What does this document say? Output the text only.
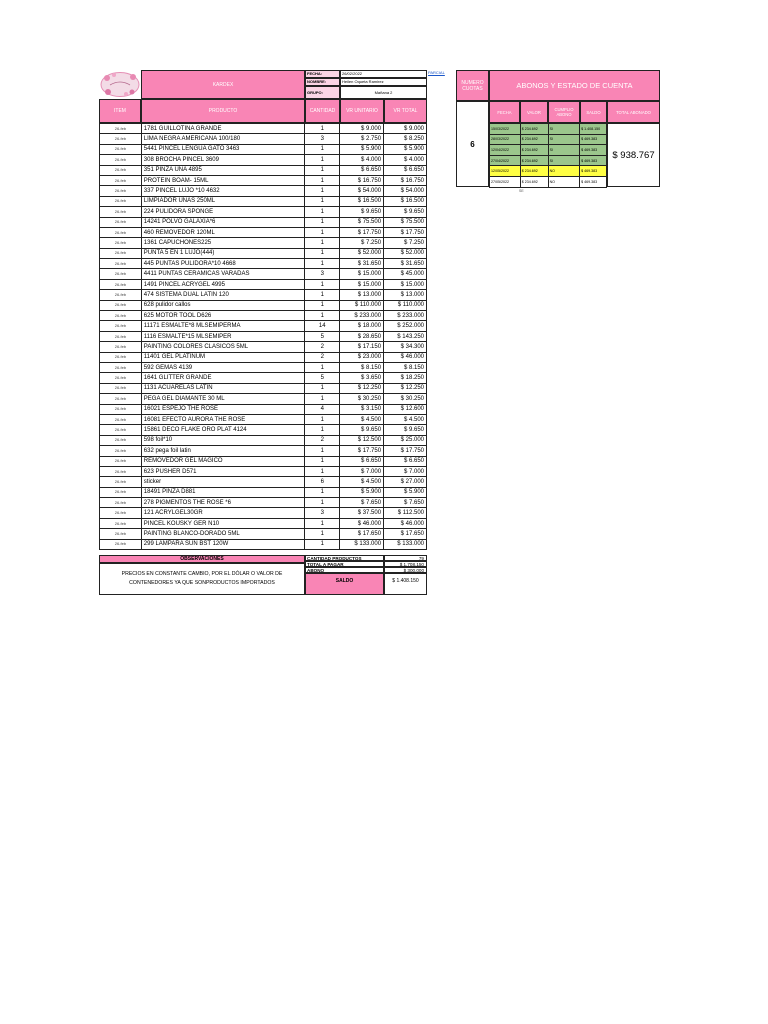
KARDEX
FECHA:	26/02/2022
NOMBRE:	Heilen Oqueta Ramirez
GRUPO:	Mañana 2
PARCIAL
ITEM	PRODUCTO	CANTIDAD	VR UNITARIO	VR TOTAL
26-feb	1781 GUILLOTINA GRANDE	1	$ 9.000	$ 9.000
26-feb	LIMA NEGRA AMERICANA 100/180	3	$ 2.750	$ 8.250
26-feb	5441 PINCEL LENGUA GATO 3463	1	$ 5.900	$ 5.900
26-feb	308 BROCHA PINCEL 3609	1	$ 4.000	$ 4.000
26-feb	351 PINZA UÑA 4895	1	$ 6.650	$ 6.650
26-feb	PROTEIN BOAM- 15ML	1	$ 16.750	$ 16.750
26-feb	337 PINCEL LUJO *10 4632	1	$ 54.000	$ 54.000
26-feb	LIMPIADOR UÑAS 250ML	1	$ 16.500	$ 16.500
26-feb	224 PULIDORA SPONGE	1	$ 9.650	$ 9.650
26-feb	14241 POLVO GALAXIA*6	1	$ 75.500	$ 75.500
26-feb	460 REMOVEDOR 120ML	1	$ 17.750	$ 17.750
26-feb	1361 CAPUCHONES225	1	$ 7.250	$ 7.250
26-feb	PUNTA 5 EN 1 LUJO(444)	1	$ 52.000	$ 52.000
26-feb	445 PUNTAS PULIDORA*10 4668	1	$ 31.650	$ 31.650
26-feb	4411 PUNTAS CERAMICAS VARADAS	3	$ 15.000	$ 45.000
26-feb	1491 PINCEL ACRYGEL 4995	1	$ 15.000	$ 15.000
26-feb	474 SISTEMA DUAL LATIN 120	1	$ 13.000	$ 13.000
26-feb	628 pulidor callos	1	$ 110.000	$ 110.000
26-feb	625 MOTOR TOOL D626	1	$ 233.000	$ 233.000
26-feb	11171 ESMALTE*8 MLSEMIPERMA	14	$ 18.000	$ 252.000
26-feb	1116 ESMALTE*15 MLSEMIPER	5	$ 28.650	$ 143.250
26-feb	PAINTING COLORES CLASICOS 5ML	2	$ 17.150	$ 34.300
26-feb	11401 GEL PLATINUM	2	$ 23.000	$ 46.000
26-feb	592 GEMAS 4139	1	$ 8.150	$ 8.150
26-feb	1641 GLITTER GRANDE	5	$ 3.650	$ 18.250
26-feb	1131 ACUARELAS LATIN	1	$ 12.250	$ 12.250
26-feb	PEGA GEL DIAMANTE 30 ML	1	$ 30.250	$ 30.250
26-feb	16021 ESPEJO THE ROSE	4	$ 3.150	$ 12.600
26-feb	16081 EFECTO AURORA THE ROSE	1	$ 4.500	$ 4.500
26-feb	15861 DECO FLAKE ORO PLAT 4124	1	$ 9.650	$ 9.650
26-feb	598 foil*10	2	$ 12.500	$ 25.000
26-feb	632 pega foil latin	1	$ 17.750	$ 17.750
26-feb	REMOVEDOR GEL MAGICO	1	$ 6.650	$ 6.650
26-feb	623 PUSHER D571	1	$ 7.000	$ 7.000
26-feb	sticker	6	$ 4.500	$ 27.000
26-feb	18491 PINZA D881	1	$ 5.900	$ 5.900
26-feb	278 PIGMENTOS THE ROSE *6	1	$ 7.650	$ 7.650
26-feb	121 ACRYLGEL30GR	3	$ 37.500	$ 112.500
26-feb	PINCEL KOUSKY GER N10	1	$ 46.000	$ 46.000
26-feb	PAINTING BLANCO-DORADO 5ML	1	$ 17.650	$ 17.650
26-feb	299 LAMPARA SUN BST 120W	1	$ 133.000	$ 133.000
OBSERVACIONES
PRECIOS EN CONSTANTE CAMBIO, POR EL DÓLAR O VALOR DE CONTENEDORES YA QUE SONPRODUCTOS IMPORTADOS
CANTIDAD PRODUCTOS	79
TOTAL A PAGAR	$ 1.708.150
ABONO	$ 300.000
SALDO	$ 1.408.150
NUMERO CUOTAS	ABONOS Y ESTADO DE CUENTA
6
FECHA	VALOR	CUMPLIO ABONO	SALDO	TOTAL ABONADO
15/03/2022	$ 234.692	SI	$ 1.408.150
28/03/2022	$ 234.692	SI	$ 469.383
12/04/2022	$ 234.692	SI	$ 469.383
27/04/2022	$ 234.692	SI	$ 469.383
12/05/2022	$ 234.692	NO	$ 469.383
27/05/2022	$ 234.692	NO	$ 469.383
$ 938.767
SE
